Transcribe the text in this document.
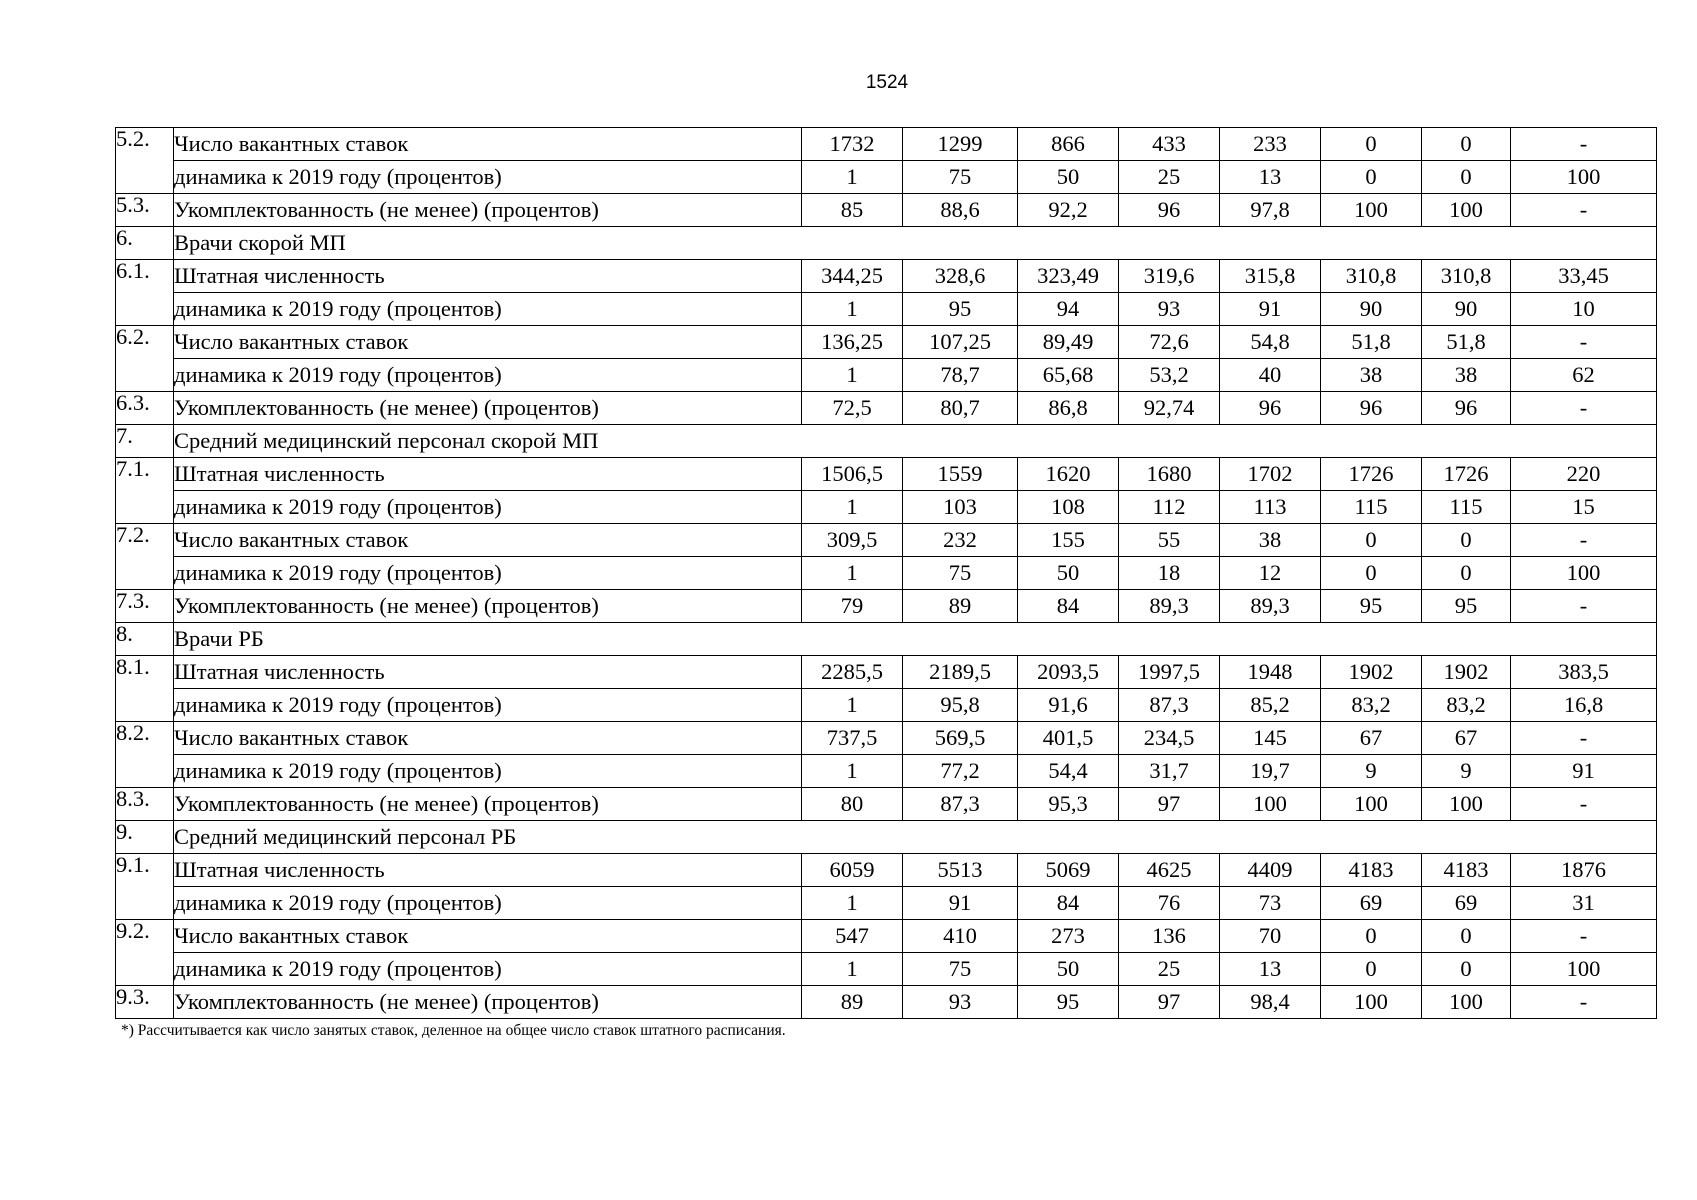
1524
5.2.	Число вакантных ставок	1732	1299	866	433	233	0	0	-
	динамика к 2019 году (процентов)	1	75	50	25	13	0	0	100
5.3.	Укомплектованность (не менее) (процентов)	85	88,6	92,2	96	97,8	100	100	-
6.	Врачи скорой МП								
6.1.	Штатная численность	344,25	328,6	323,49	319,6	315,8	310,8	310,8	33,45
	динамика к 2019 году (процентов)	1	95	94	93	91	90	90	10
6.2.	Число вакантных ставок	136,25	107,25	89,49	72,6	54,8	51,8	51,8	-
	динамика к 2019 году (процентов)	1	78,7	65,68	53,2	40	38	38	62
6.3.	Укомплектованность (не менее) (процентов)	72,5	80,7	86,8	92,74	96	96	96	-
7.	Средний медицинский персонал скорой МП								
7.1.	Штатная численность	1506,5	1559	1620	1680	1702	1726	1726	220
	динамика к 2019 году (процентов)	1	103	108	112	113	115	115	15
7.2.	Число вакантных ставок	309,5	232	155	55	38	0	0	-
	динамика к 2019 году (процентов)	1	75	50	18	12	0	0	100
7.3.	Укомплектованность (не менее) (процентов)	79	89	84	89,3	89,3	95	95	-
8.	Врачи РБ								
8.1.	Штатная численность	2285,5	2189,5	2093,5	1997,5	1948	1902	1902	383,5
	динамика к 2019 году (процентов)	1	95,8	91,6	87,3	85,2	83,2	83,2	16,8
8.2.	Число вакантных ставок	737,5	569,5	401,5	234,5	145	67	67	-
	динамика к 2019 году (процентов)	1	77,2	54,4	31,7	19,7	9	9	91
8.3.	Укомплектованность (не менее) (процентов)	80	87,3	95,3	97	100	100	100	-
9.	Средний медицинский персонал РБ								
9.1.	Штатная численность	6059	5513	5069	4625	4409	4183	4183	1876
	динамика к 2019 году (процентов)	1	91	84	76	73	69	69	31
9.2.	Число вакантных ставок	547	410	273	136	70	0	0	-
	динамика к 2019 году (процентов)	1	75	50	25	13	0	0	100
9.3.	Укомплектованность (не менее) (процентов)	89	93	95	97	98,4	100	100	-
*) Рассчитывается как число занятых ставок, деленное на общее число ставок штатного расписания.
